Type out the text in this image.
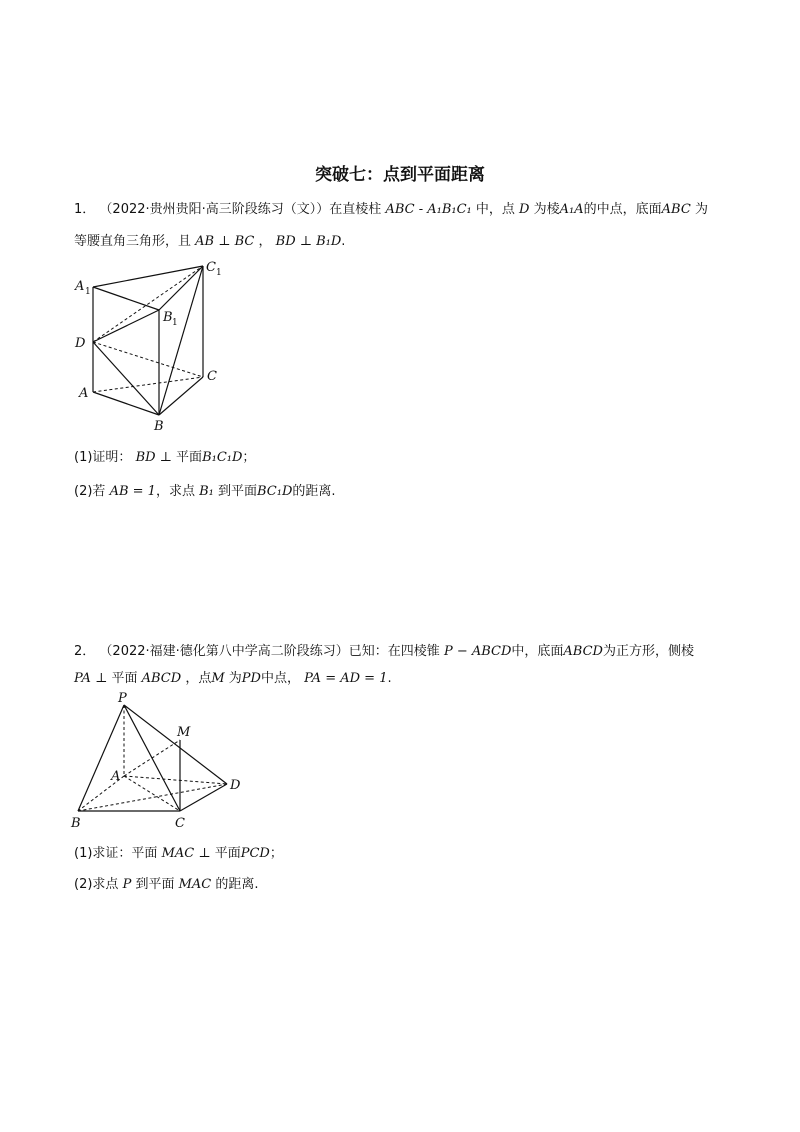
突破七：点到平面距离
1． （2022·贵州贵阳·高三阶段练习（文））在直棱柱 ABC - A₁B₁C₁ 中，点 D 为棱A₁A的中点，底面ABC 为
等腰直角三角形，且 AB ⊥ BC ， BD ⊥ B₁D.
A 1
C 1
B 1
D
A
C
B
(1)证明： BD ⊥ 平面B₁C₁D；
(2)若 AB = 1，求点 B₁ 到平面BC₁D的距离.
2． （2022·福建·德化第八中学高二阶段练习）已知：在四棱锥 P − ABCD中，底面ABCD为正方形，侧棱
PA ⊥ 平面 ABCD ，点M 为PD中点， PA = AD = 1.
P
M
A
D
B	C
(1)求证：平面 MAC ⊥ 平面PCD；
(2)求点 P 到平面 MAC 的距离.
